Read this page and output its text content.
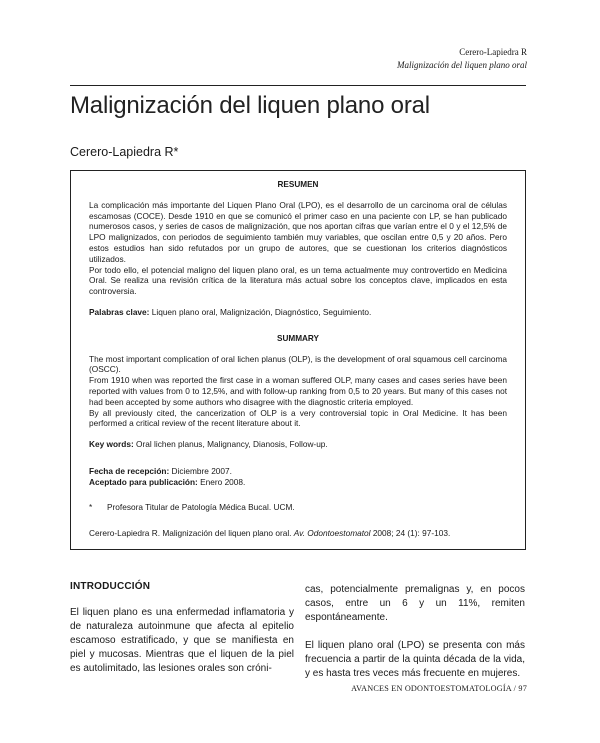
Cerero-Lapiedra R
Malignización del liquen plano oral
Malignización del liquen plano oral
Cerero-Lapiedra R*
RESUMEN

La complicación más importante del Liquen Plano Oral (LPO), es el desarrollo de un carcinoma oral de células escamosas (COCE). Desde 1910 en que se comunicó el primer caso en una paciente con LP, se han publicado numerosos casos, y series de casos de malignización, que nos aportan cifras que varían entre el 0 y el 12,5% de LPO malignizados, con periodos de seguimiento también muy variables, que oscilan entre 0,5 y 20 años. Pero estos estudios han sido refutados por un grupo de autores, que se cuestionan los criterios diagnósticos utilizados.

Por todo ello, el potencial maligno del liquen plano oral, es un tema actualmente muy controvertido en Medicina Oral. Se realiza una revisión crítica de la literatura más actual sobre los conceptos clave, implicados en esta controversia.

Palabras clave: Liquen plano oral, Malignización, Diagnóstico, Seguimiento.

SUMMARY

The most important complication of oral lichen planus (OLP), is the development of oral squamous cell carcinoma (OSCC).

From 1910 when was reported the first case in a woman suffered OLP, many cases and cases series have been reported with values from 0 to 12,5%, and with follow-up ranking from 0,5 to 20 years. But many of this cases not had been accepted by some authors who disagree with the diagnostic criteria employed.

By all previously cited, the cancerization of OLP is a very controversial topic in Oral Medicine. It has been performed a critical review of the recent literature about it.

Key words: Oral lichen planus, Malignancy, Dianosis, Follow-up.

Fecha de recepción: Diciembre 2007.

Aceptado para publicación: Enero 2008.

* Profesora Titular de Patología Médica Bucal. UCM.

Cerero-Lapiedra R. Malignización del liquen plano oral. Av. Odontoestomatol 2008; 24 (1): 97-103.

INTRODUCCIÓN

El liquen plano es una enfermedad inflamatoria y de naturaleza autoinmune que afecta al epitelio escamoso estratificado, y que se manifiesta en piel y mucosas. Mientras que el liquen de la piel es autolimitado, las lesiones orales son cróni-

cas, potencialmente premalignas y, en pocos casos, entre un 6 y un 11%, remiten espontáneamente.

El liquen plano oral (LPO) se presenta con más frecuencia a partir de la quinta década de la vida, y es hasta tres veces más frecuente en mujeres.

AVANCES EN ODONTOESTOMATOLOGÍA / 97
